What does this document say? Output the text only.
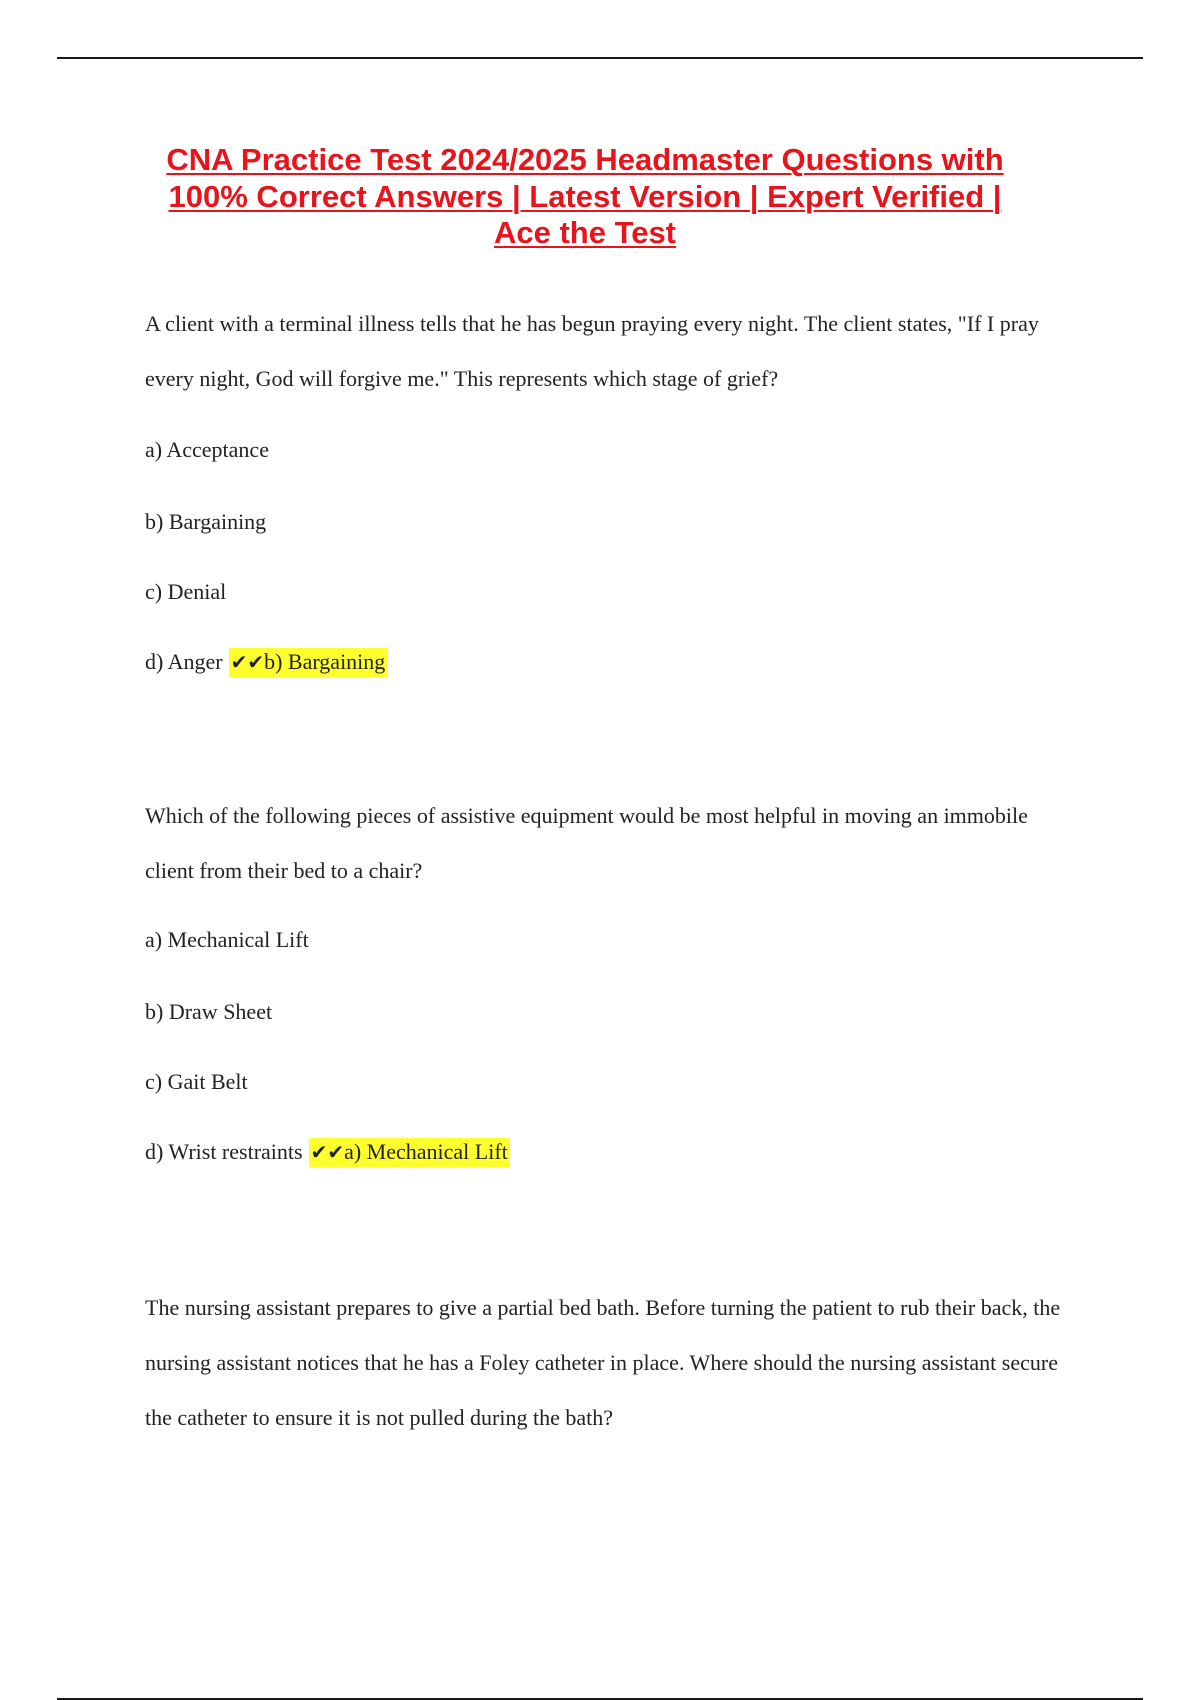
CNA Practice Test 2024/2025 Headmaster Questions with 100% Correct Answers | Latest Version | Expert Verified | Ace the Test

A client with a terminal illness tells that he has begun praying every night. The client states, "If I pray every night, God will forgive me." This represents which stage of grief?

a) Acceptance
b) Bargaining
c) Denial
d) Anger ✔✔b) Bargaining

Which of the following pieces of assistive equipment would be most helpful in moving an immobile client from their bed to a chair?

a) Mechanical Lift
b) Draw Sheet
c) Gait Belt
d) Wrist restraints ✔✔a) Mechanical Lift

The nursing assistant prepares to give a partial bed bath. Before turning the patient to rub their back, the nursing assistant notices that he has a Foley catheter in place. Where should the nursing assistant secure the catheter to ensure it is not pulled during the bath?
